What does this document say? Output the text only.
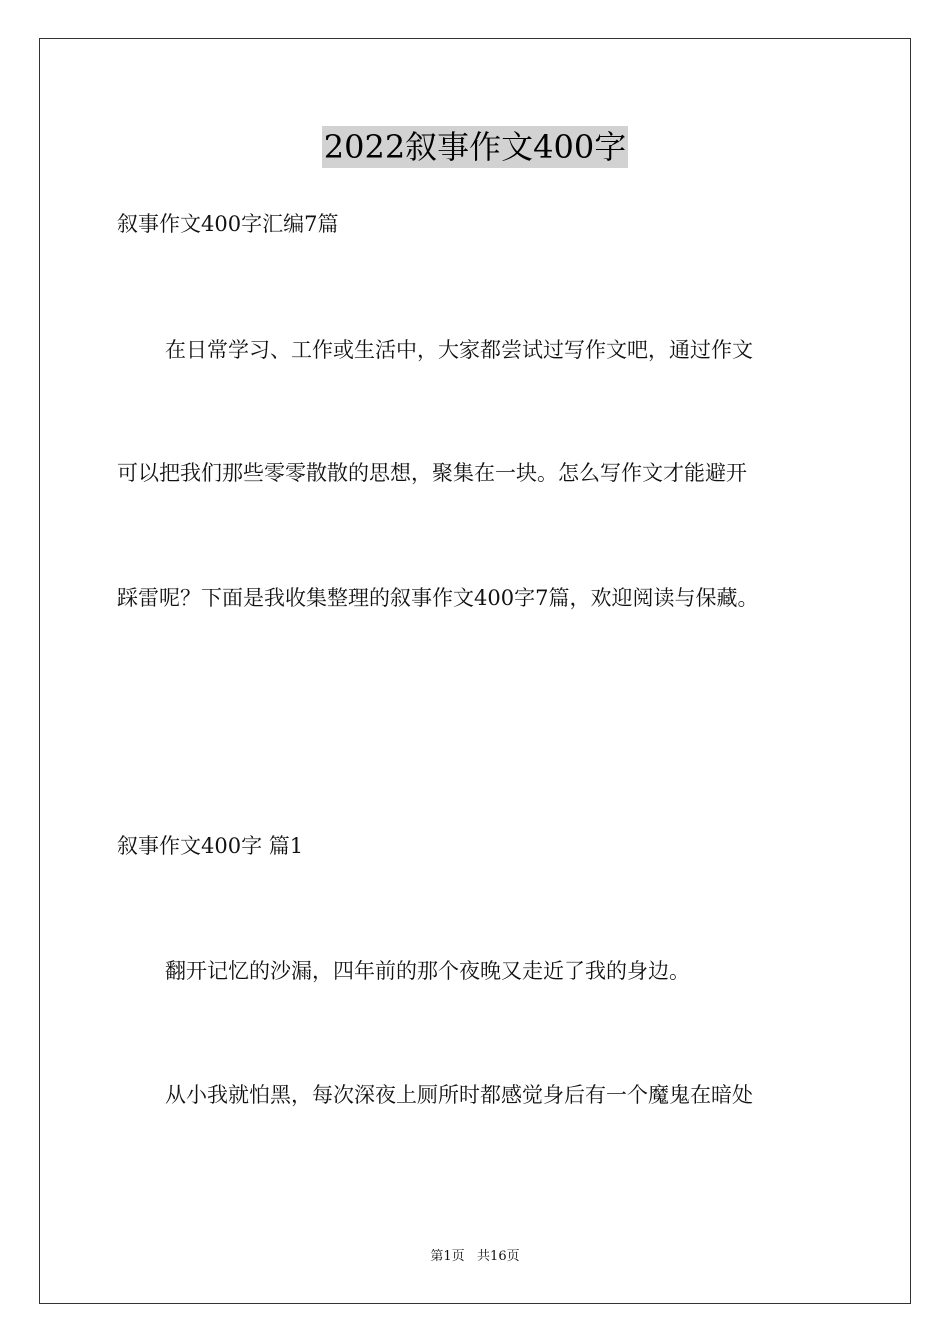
2022叙事作文400字

叙事作文400字汇编7篇

在日常学习、工作或生活中，大家都尝试过写作文吧，通过作文

可以把我们那些零零散散的思想，聚集在一块。怎么写作文才能避开

踩雷呢？下面是我收集整理的叙事作文400字7篇，欢迎阅读与保藏。

叙事作文400字 篇1

翻开记忆的沙漏，四年前的那个夜晚又走近了我的身边。

从小我就怕黑，每次深夜上厕所时都感觉身后有一个魔鬼在暗处

第1页   共16页
